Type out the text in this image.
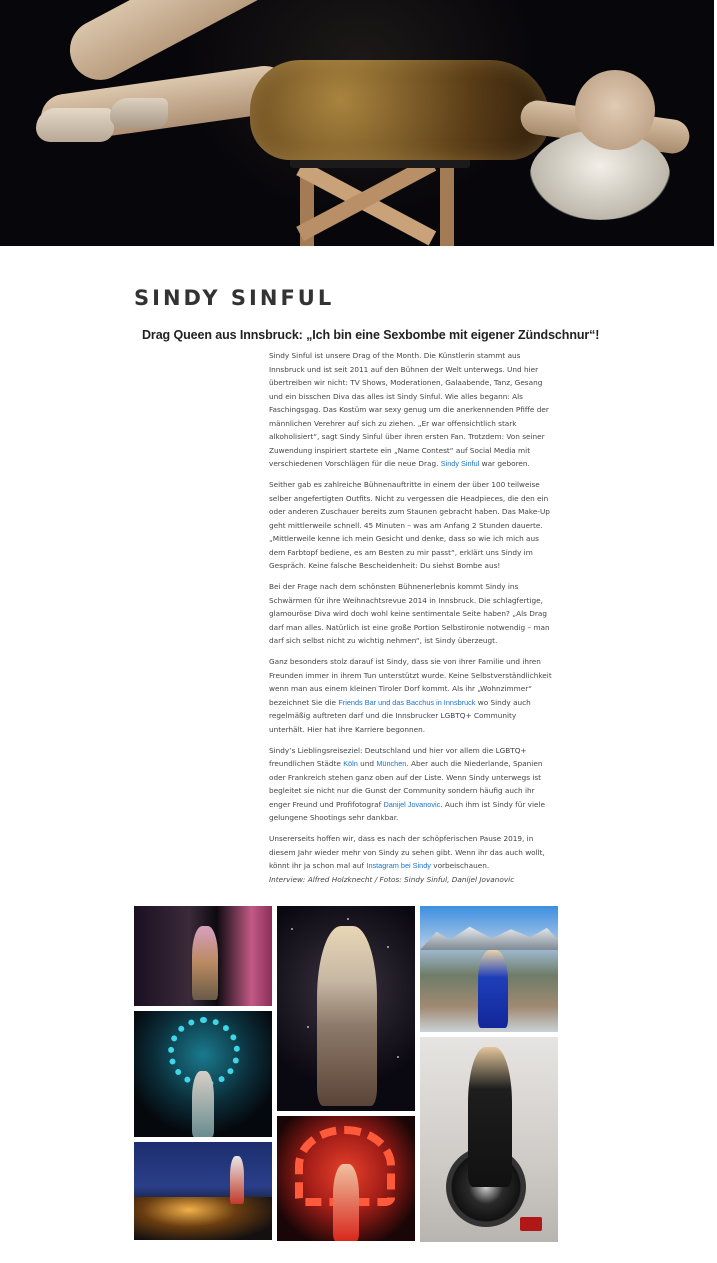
SINDY SINFUL
Drag Queen aus Innsbruck: „Ich bin eine Sexbombe mit eigener Zündschnur“!

Sindy Sinful ist unsere Drag of the Month. Die Künstlerin stammt aus Innsbruck und ist seit 2011 auf den Bühnen der Welt unterwegs. Und hier übertreiben wir nicht: TV Shows, Moderationen, Galaabende, Tanz, Gesang und ein bisschen Diva das alles ist Sindy Sinful. Wie alles begann: Als Faschingsgag. Das Kostüm war sexy genug um die anerkennenden Pfiffe der männlichen Verehrer auf sich zu ziehen. „Er war offensichtlich stark alkoholisiert“, sagt Sindy Sinful über ihren ersten Fan. Trotzdem: Von seiner Zuwendung inspiriert startete ein „Name Contest“ auf Social Media mit verschiedenen Vorschlägen für die neue Drag. Sindy Sinful war geboren.

Seither gab es zahlreiche Bühnenauftritte in einem der über 100 teilweise selber angefertigten Outfits. Nicht zu vergessen die Headpieces, die den ein oder anderen Zuschauer bereits zum Staunen gebracht haben. Das Make-Up geht mittlerweile schnell. 45 Minuten – was am Anfang 2 Stunden dauerte. „Mittlerweile kenne ich mein Gesicht und denke, dass so wie ich mich aus dem Farbtopf bediene, es am Besten zu mir passt“, erklärt uns Sindy im Gespräch. Keine falsche Bescheidenheit: Du siehst Bombe aus!

Bei der Frage nach dem schönsten Bühnenerlebnis kommt Sindy ins Schwärmen für ihre Weihnachtsrevue 2014 in Innsbruck. Die schlagfertige, glamouröse Diva wird doch wohl keine sentimentale Seite haben? „Als Drag darf man alles. Natürlich ist eine große Portion Selbstironie notwendig – man darf sich selbst nicht zu wichtig nehmen“, ist Sindy überzeugt.

Ganz besonders stolz darauf ist Sindy, dass sie von ihrer Familie und ihren Freunden immer in ihrem Tun unterstützt wurde. Keine Selbstverständlichkeit wenn man aus einem kleinen Tiroler Dorf kommt. Als ihr „Wohnzimmer“ bezeichnet Sie die Friends Bar und das Bacchus in Innsbruck wo Sindy auch regelmäßig auftreten darf und die Innsbrucker LGBTQ+ Community unterhält. Hier hat ihre Karriere begonnen.

Sindy’s Lieblingsreiseziel: Deutschland und hier vor allem die LGBTQ+ freundlichen Städte Köln und München. Aber auch die Niederlande, Spanien oder Frankreich stehen ganz oben auf der Liste. Wenn Sindy unterwegs ist begleitet sie nicht nur die Gunst der Community sondern häufig auch ihr enger Freund und Profifotograf Danijel Jovanovic. Auch ihm ist Sindy für viele gelungene Shootings sehr dankbar.

Unsererseits hoffen wir, dass es nach der schöpferischen Pause 2019, in diesem Jahr wieder mehr von Sindy zu sehen gibt. Wenn ihr das auch wollt, könnt ihr ja schon mal auf Instagram bei Sindy vorbeischauen.

Interview: Alfred Holzknecht / Fotos: Sindy Sinful, Danijel Jovanovic
